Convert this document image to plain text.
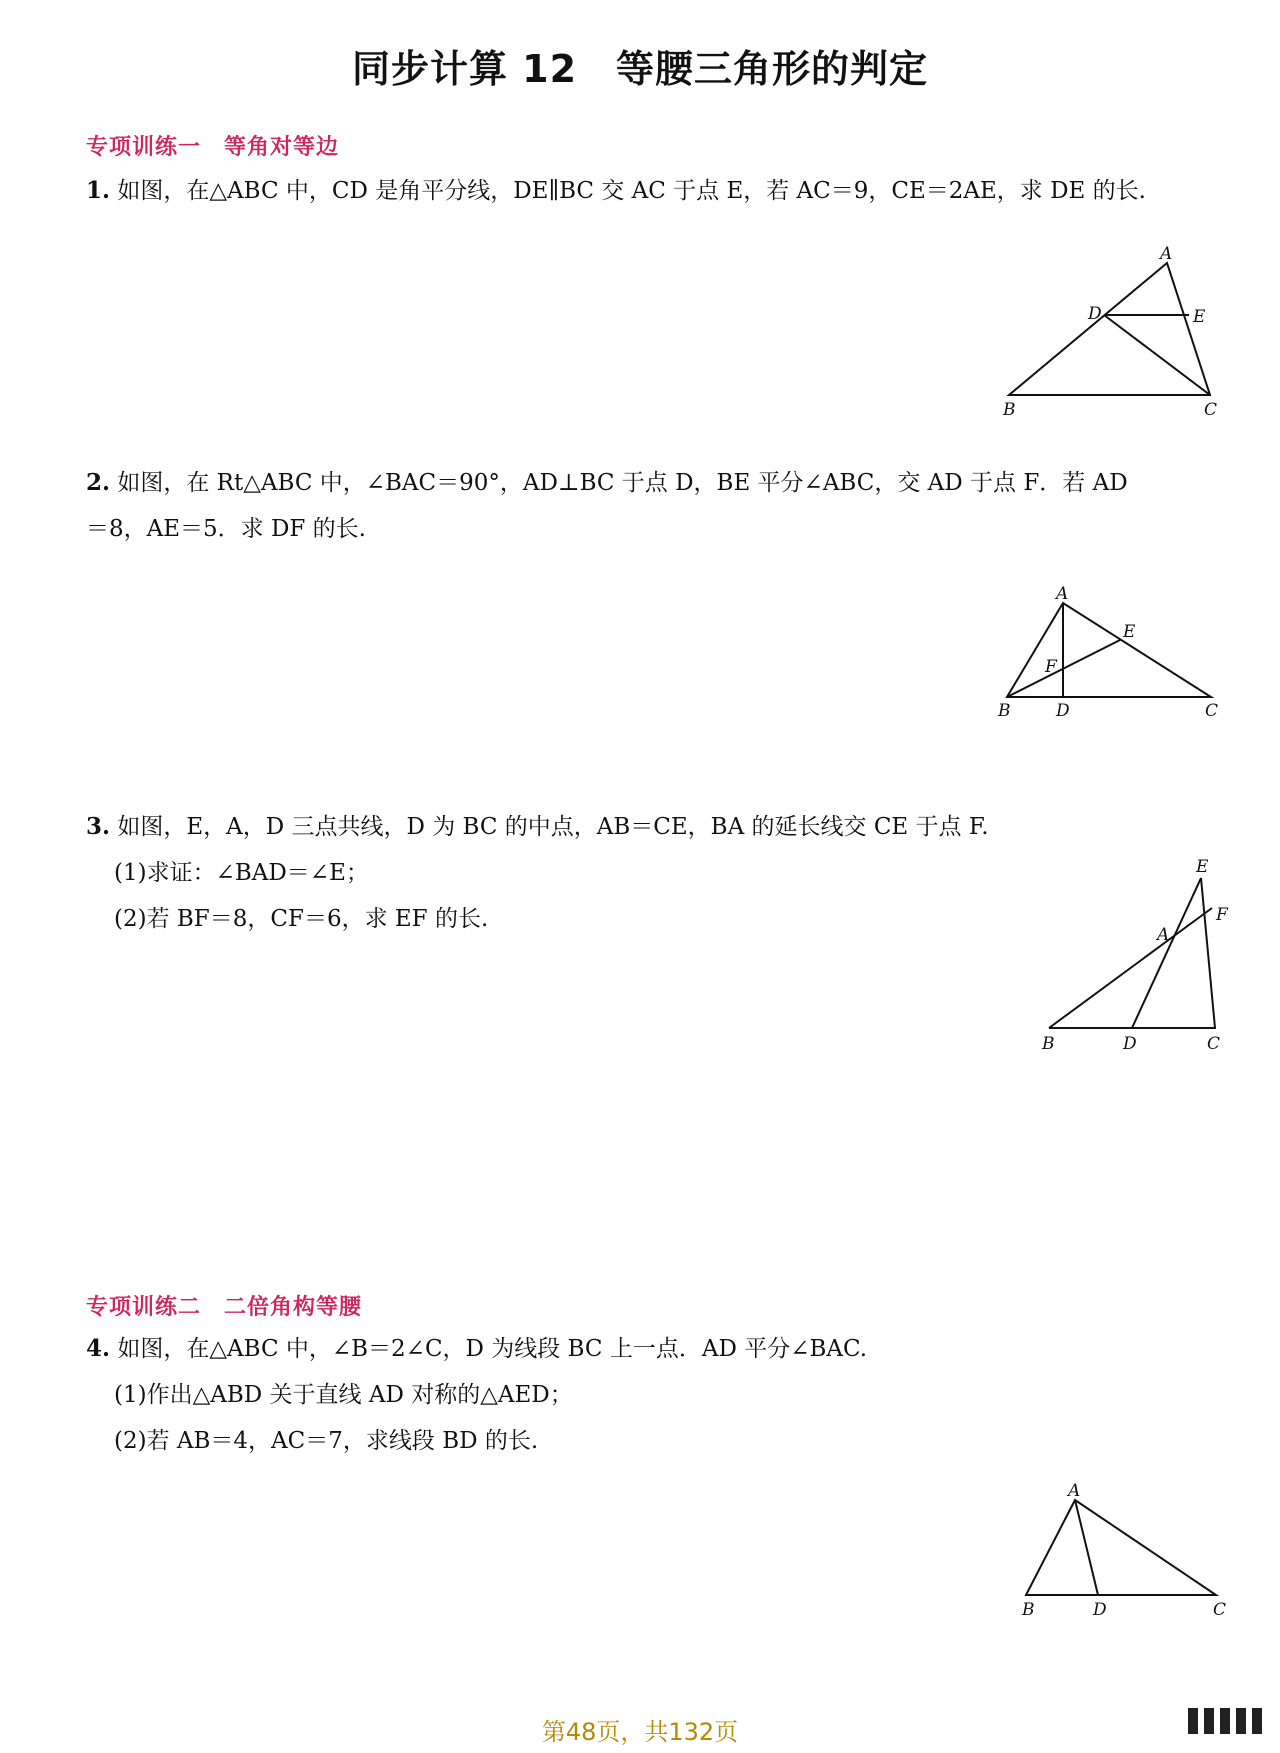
同步计算 12　等腰三角形的判定
专项训练一　等角对等边
1. 如图，在△ABC 中，CD 是角平分线，DE∥BC 交 AC 于点 E，若 AC＝9，CE＝2AE，求 DE 的长.
A
D	E
B	C
2. 如图，在 Rt△ABC 中，∠BAC＝90°，AD⊥BC 于点 D，BE 平分∠ABC，交 AD 于点 F．若 AD
＝8，AE＝5．求 DF 的长.
A
E
F
B	D	C
3. 如图，E，A，D 三点共线，D 为 BC 的中点，AB＝CE，BA 的延长线交 CE 于点 F.
(1)求证：∠BAD＝∠E；
(2)若 BF＝8，CF＝6，求 EF 的长.
E
F
A
B	D	C
专项训练二　二倍角构等腰
4. 如图，在△ABC 中，∠B＝2∠C，D 为线段 BC 上一点．AD 平分∠BAC.
(1)作出△ABD 关于直线 AD 对称的△AED；
(2)若 AB＝4，AC＝7，求线段 BD 的长.
A
B	D	C
第48页，共132页
